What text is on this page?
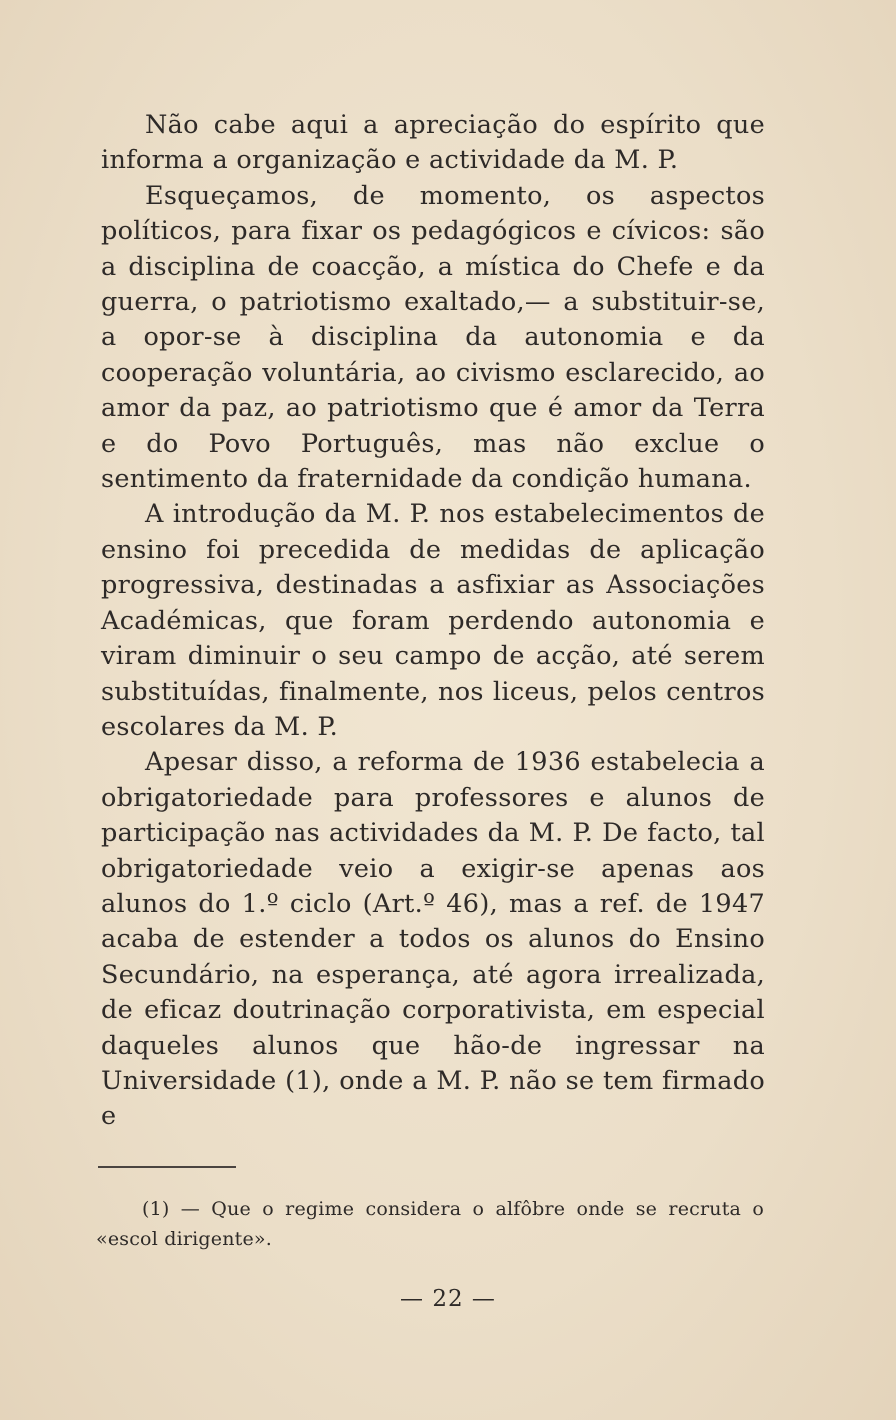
Não cabe aqui a apreciação do espírito que informa a organização e actividade da M. P.

Esqueçamos, de momento, os aspectos políticos, para fixar os pedagógicos e cívicos: são a disciplina de coacção, a mística do Chefe e da guerra, o patriotismo exaltado,— a substituir-se, a opor-se à disciplina da autonomia e da cooperação voluntária, ao civismo esclarecido, ao amor da paz, ao patriotismo que é amor da Terra e do Povo Português, mas não exclue o sentimento da fraternidade da condição humana.

A introdução da M. P. nos estabelecimentos de ensino foi precedida de medidas de aplicação progressiva, destinadas a asfixiar as Associações Académicas, que foram perdendo autonomia e viram diminuir o seu campo de acção, até serem substituídas, finalmente, nos liceus, pelos centros escolares da M. P.

Apesar disso, a reforma de 1936 estabelecia a obrigatoriedade para professores e alunos de participação nas actividades da M. P. De facto, tal obrigatoriedade veio a exigir-se apenas aos alunos do 1.º ciclo (Art.º 46), mas a ref. de 1947 acaba de estender a todos os alunos do Ensino Secundário, na esperança, até agora irrealizada, de eficaz doutrinação corporativista, em especial daqueles alunos que hão-de ingressar na Universidade (1), onde a M. P. não se tem firmado e

(1) — Que o regime considera o alfôbre onde se recruta o «escol dirigente».

— 22 —
